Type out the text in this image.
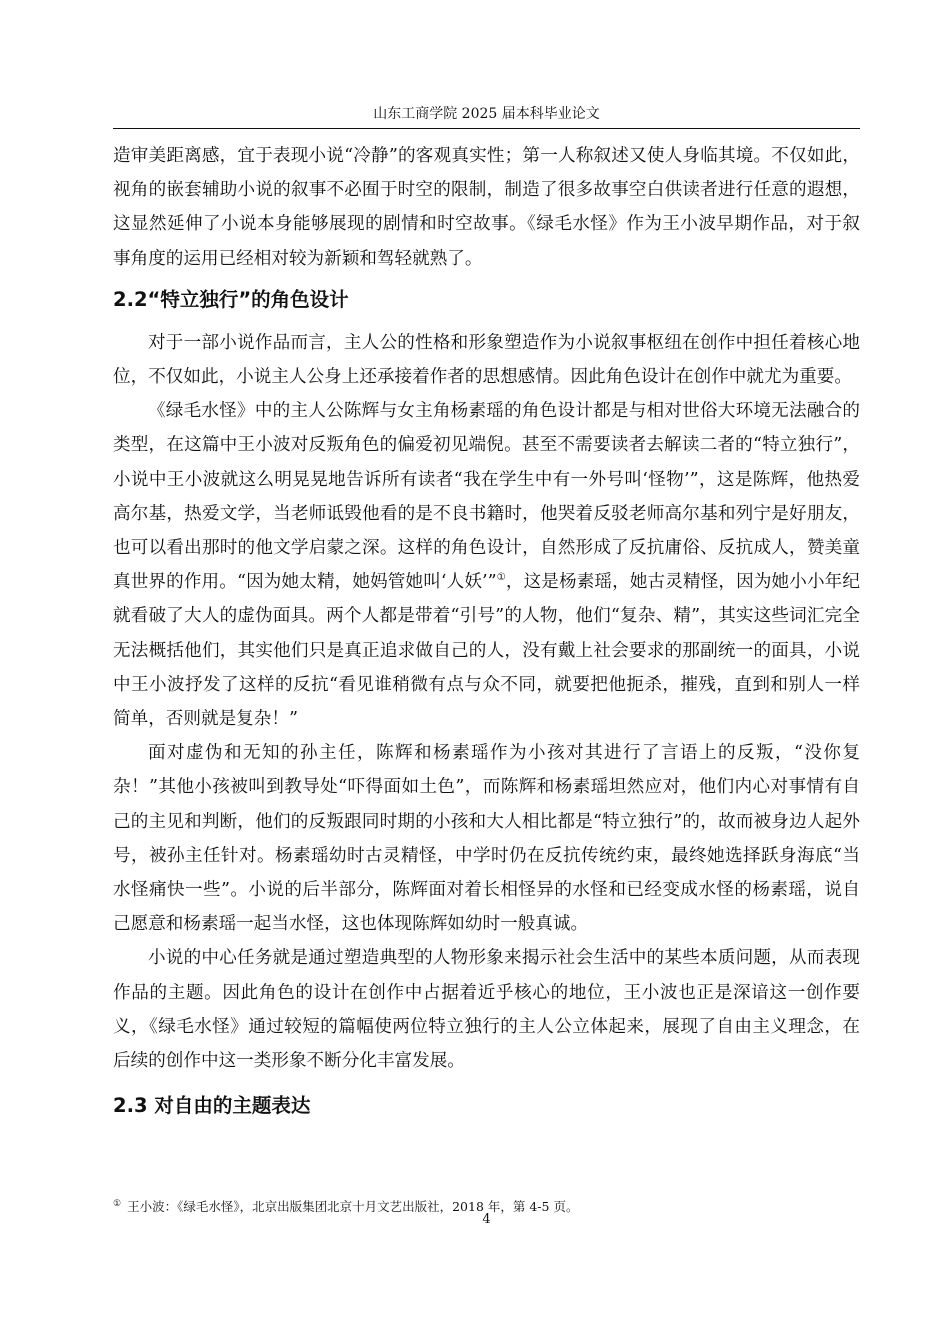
山东工商学院 2025 届本科毕业论文

造审美距离感，宜于表现小说“冷静”的客观真实性；第一人称叙述又使人身临其境。不仅如此，视角的嵌套辅助小说的叙事不必囿于时空的限制，制造了很多故事空白供读者进行任意的遐想，这显然延伸了小说本身能够展现的剧情和时空故事。《绿毛水怪》作为王小波早期作品，对于叙事角度的运用已经相对较为新颖和驾轻就熟了。

2.2“特立独行”的角色设计

对于一部小说作品而言，主人公的性格和形象塑造作为小说叙事枢纽在创作中担任着核心地位，不仅如此，小说主人公身上还承接着作者的思想感情。因此角色设计在创作中就尤为重要。

《绿毛水怪》中的主人公陈辉与女主角杨素瑶的角色设计都是与相对世俗大环境无法融合的类型，在这篇中王小波对反叛角色的偏爱初见端倪。甚至不需要读者去解读二者的“特立独行”，小说中王小波就这么明晃晃地告诉所有读者“我在学生中有一外号叫‘怪物’”，这是陈辉，他热爱高尔基，热爱文学，当老师诋毁他看的是不良书籍时，他哭着反驳老师高尔基和列宁是好朋友，也可以看出那时的他文学启蒙之深。这样的角色设计，自然形成了反抗庸俗、反抗成人，赞美童真世界的作用。“因为她太精，她妈管她叫‘人妖’”①，这是杨素瑶，她古灵精怪，因为她小小年纪就看破了大人的虚伪面具。两个人都是带着“引号”的人物，他们“复杂、精”，其实这些词汇完全无法概括他们，其实他们只是真正追求做自己的人，没有戴上社会要求的那副统一的面具，小说中王小波抒发了这样的反抗“看见谁稍微有点与众不同，就要把他扼杀，摧残，直到和别人一样简单，否则就是复杂！”

面对虚伪和无知的孙主任，陈辉和杨素瑶作为小孩对其进行了言语上的反叛，“没你复杂！”其他小孩被叫到教导处“吓得面如土色”，而陈辉和杨素瑶坦然应对，他们内心对事情有自己的主见和判断，他们的反叛跟同时期的小孩和大人相比都是“特立独行”的，故而被身边人起外号，被孙主任针对。杨素瑶幼时古灵精怪，中学时仍在反抗传统约束，最终她选择跃身海底“当水怪痛快一些”。小说的后半部分，陈辉面对着长相怪异的水怪和已经变成水怪的杨素瑶，说自己愿意和杨素瑶一起当水怪，这也体现陈辉如幼时一般真诚。

小说的中心任务就是通过塑造典型的人物形象来揭示社会生活中的某些本质问题，从而表现作品的主题。因此角色的设计在创作中占据着近乎核心的地位，王小波也正是深谙这一创作要义，《绿毛水怪》通过较短的篇幅使两位特立独行的主人公立体起来，展现了自由主义理念，在后续的创作中这一类形象不断分化丰富发展。

2.3 对自由的主题表达
① 王小波：《绿毛水怪》，北京出版集团北京十月文艺出版社，2018 年，第 4-5 页。
4
